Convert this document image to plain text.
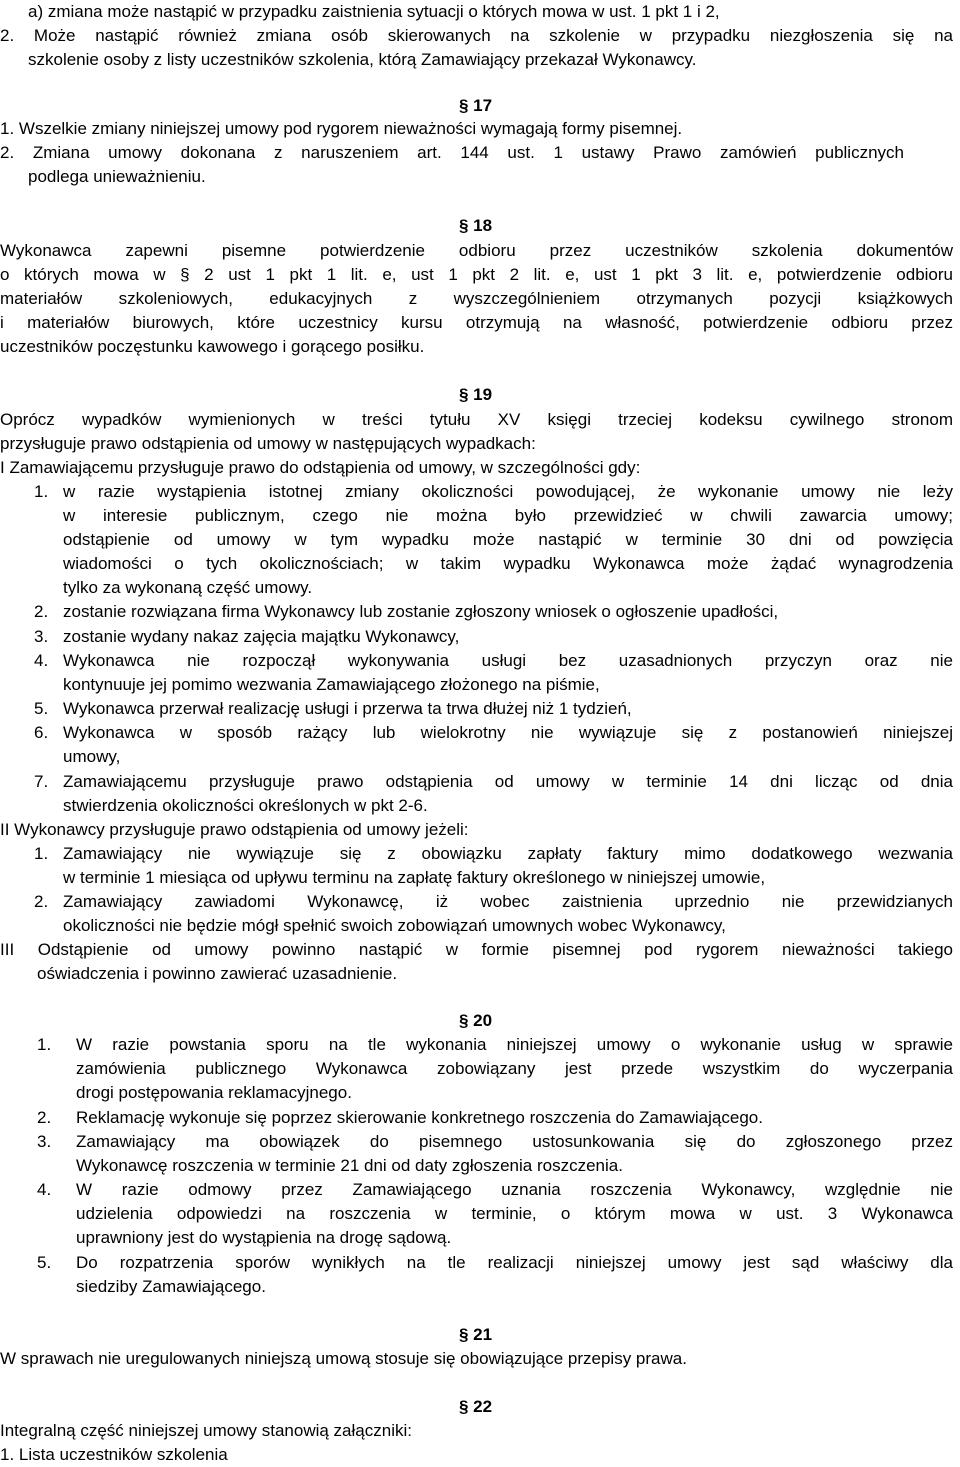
a) zmiana może nastąpić w przypadku zaistnienia sytuacji o których mowa w ust. 1 pkt 1 i 2,
2. Może nastąpić również zmiana osób skierowanych na szkolenie w przypadku niezgłoszenia się na
szkolenie osoby z listy uczestników szkolenia, którą Zamawiający przekazał Wykonawcy.
§ 17
1. Wszelkie zmiany niniejszej umowy pod rygorem nieważności wymagają formy pisemnej.
2. Zmiana umowy dokonana z naruszeniem art. 144 ust. 1 ustawy Prawo zamówień publicznych
podlega unieważnieniu.
§ 18
Wykonawca zapewni pisemne potwierdzenie odbioru przez uczestników szkolenia dokumentów
o których mowa w § 2 ust 1 pkt 1 lit. e, ust 1 pkt 2 lit. e, ust 1 pkt 3 lit. e, potwierdzenie odbioru
materiałów szkoleniowych, edukacyjnych z wyszczególnieniem otrzymanych pozycji książkowych
i materiałów biurowych, które uczestnicy kursu otrzymują na własność, potwierdzenie odbioru przez
uczestników poczęstunku kawowego i gorącego posiłku.
§ 19
Oprócz wypadków wymienionych w treści tytułu XV księgi trzeciej kodeksu cywilnego stronom
przysługuje prawo odstąpienia od umowy w następujących wypadkach:
I Zamawiającemu przysługuje prawo do odstąpienia od umowy, w szczególności gdy:
1. w razie wystąpienia istotnej zmiany okoliczności powodującej, że wykonanie umowy nie leży
w interesie publicznym, czego nie można było przewidzieć w chwili zawarcia umowy;
odstąpienie od umowy w tym wypadku może nastąpić w terminie 30 dni od powzięcia
wiadomości o tych okolicznościach; w takim wypadku Wykonawca może żądać wynagrodzenia
tylko za wykonaną część umowy.
2. zostanie rozwiązana firma Wykonawcy lub zostanie zgłoszony wniosek o ogłoszenie upadłości,
3. zostanie wydany nakaz zajęcia majątku Wykonawcy,
4. Wykonawca nie rozpoczął wykonywania usługi bez uzasadnionych przyczyn oraz nie
kontynuuje jej pomimo wezwania Zamawiającego złożonego na piśmie,
5. Wykonawca przerwał realizację usługi i przerwa ta trwa dłużej niż 1 tydzień,
6. Wykonawca w sposób rażący lub wielokrotny nie wywiązuje się z postanowień niniejszej
umowy,
7. Zamawiającemu przysługuje prawo odstąpienia od umowy w terminie 14 dni licząc od dnia
stwierdzenia okoliczności określonych w pkt 2-6.
II Wykonawcy przysługuje prawo odstąpienia od umowy jeżeli:
1. Zamawiający nie wywiązuje się z obowiązku zapłaty faktury mimo dodatkowego wezwania
w terminie 1 miesiąca od upływu terminu na zapłatę faktury określonego w niniejszej umowie,
2. Zamawiający zawiadomi Wykonawcę, iż wobec zaistnienia uprzednio nie przewidzianych
okoliczności nie będzie mógł spełnić swoich zobowiązań umownych wobec Wykonawcy,
III Odstąpienie od umowy powinno nastąpić w formie pisemnej pod rygorem nieważności takiego
oświadczenia i powinno zawierać uzasadnienie.
§ 20
1. W razie powstania sporu na tle wykonania niniejszej umowy o wykonanie usług w sprawie
zamówienia publicznego Wykonawca zobowiązany jest przede wszystkim do wyczerpania
drogi postępowania reklamacyjnego.
2. Reklamację wykonuje się poprzez skierowanie konkretnego roszczenia do Zamawiającego.
3. Zamawiający ma obowiązek do pisemnego ustosunkowania się do zgłoszonego przez
Wykonawcę roszczenia w terminie 21 dni od daty zgłoszenia roszczenia.
4. W razie odmowy przez Zamawiającego uznania roszczenia Wykonawcy, względnie nie
udzielenia odpowiedzi na roszczenia w terminie, o którym mowa w ust. 3 Wykonawca
uprawniony jest do wystąpienia na drogę sądową.
5. Do rozpatrzenia sporów wynikłych na tle realizacji niniejszej umowy jest sąd właściwy dla
siedziby Zamawiającego.
§ 21
W sprawach nie uregulowanych niniejszą umową stosuje się obowiązujące przepisy prawa.
§ 22
Integralną część niniejszej umowy stanowią załączniki:
1. Lista uczestników szkolenia
